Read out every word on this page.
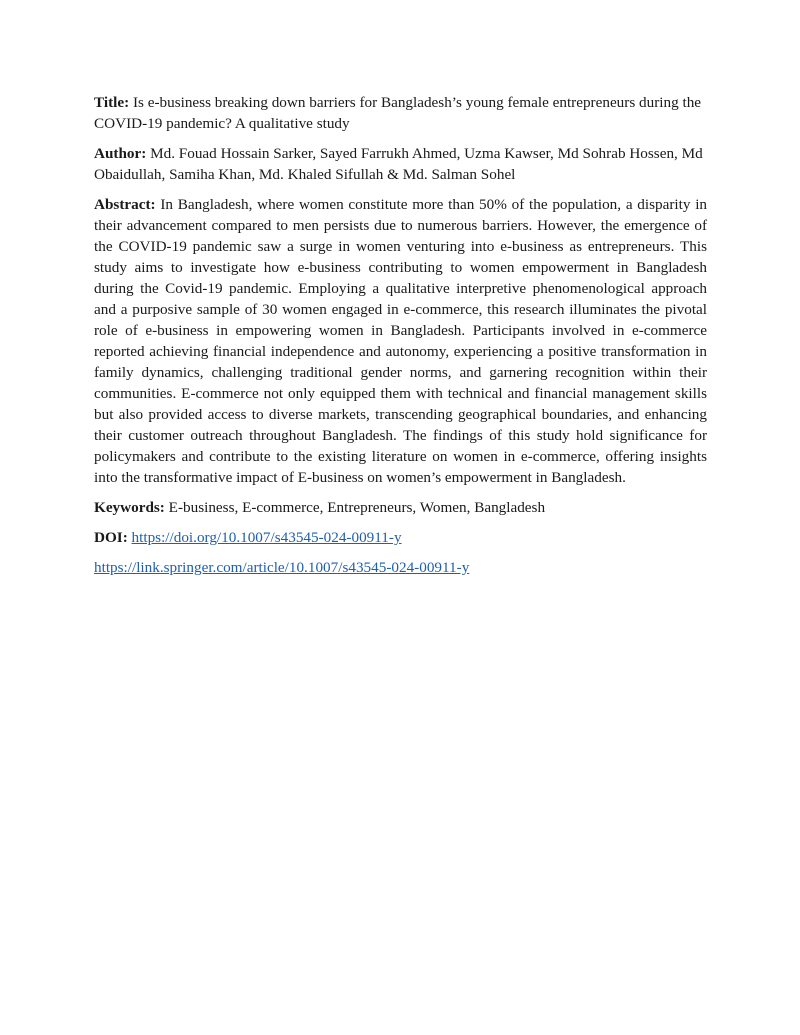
Title: Is e-business breaking down barriers for Bangladesh’s young female entrepreneurs during the COVID-19 pandemic? A qualitative study

Author: Md. Fouad Hossain Sarker, Sayed Farrukh Ahmed, Uzma Kawser, Md Sohrab Hossen, Md Obaidullah, Samiha Khan, Md. Khaled Sifullah & Md. Salman Sohel

Abstract: In Bangladesh, where women constitute more than 50% of the population, a disparity in their advancement compared to men persists due to numerous barriers. However, the emergence of the COVID-19 pandemic saw a surge in women venturing into e-business as entrepreneurs. This study aims to investigate how e-business contributing to women empowerment in Bangladesh during the Covid-19 pandemic. Employing a qualitative interpretive phenomenological approach and a purposive sample of 30 women engaged in e-commerce, this research illuminates the pivotal role of e-business in empowering women in Bangladesh. Participants involved in e-commerce reported achieving financial independence and autonomy, experiencing a positive transformation in family dynamics, challenging traditional gender norms, and garnering recognition within their communities. E-commerce not only equipped them with technical and financial management skills but also provided access to diverse markets, transcending geographical boundaries, and enhancing their customer outreach throughout Bangladesh. The findings of this study hold significance for policymakers and contribute to the existing literature on women in e-commerce, offering insights into the transformative impact of E-business on women’s empowerment in Bangladesh.

Keywords: E-business, E-commerce, Entrepreneurs, Women, Bangladesh

DOI: https://doi.org/10.1007/s43545-024-00911-y

https://link.springer.com/article/10.1007/s43545-024-00911-y
